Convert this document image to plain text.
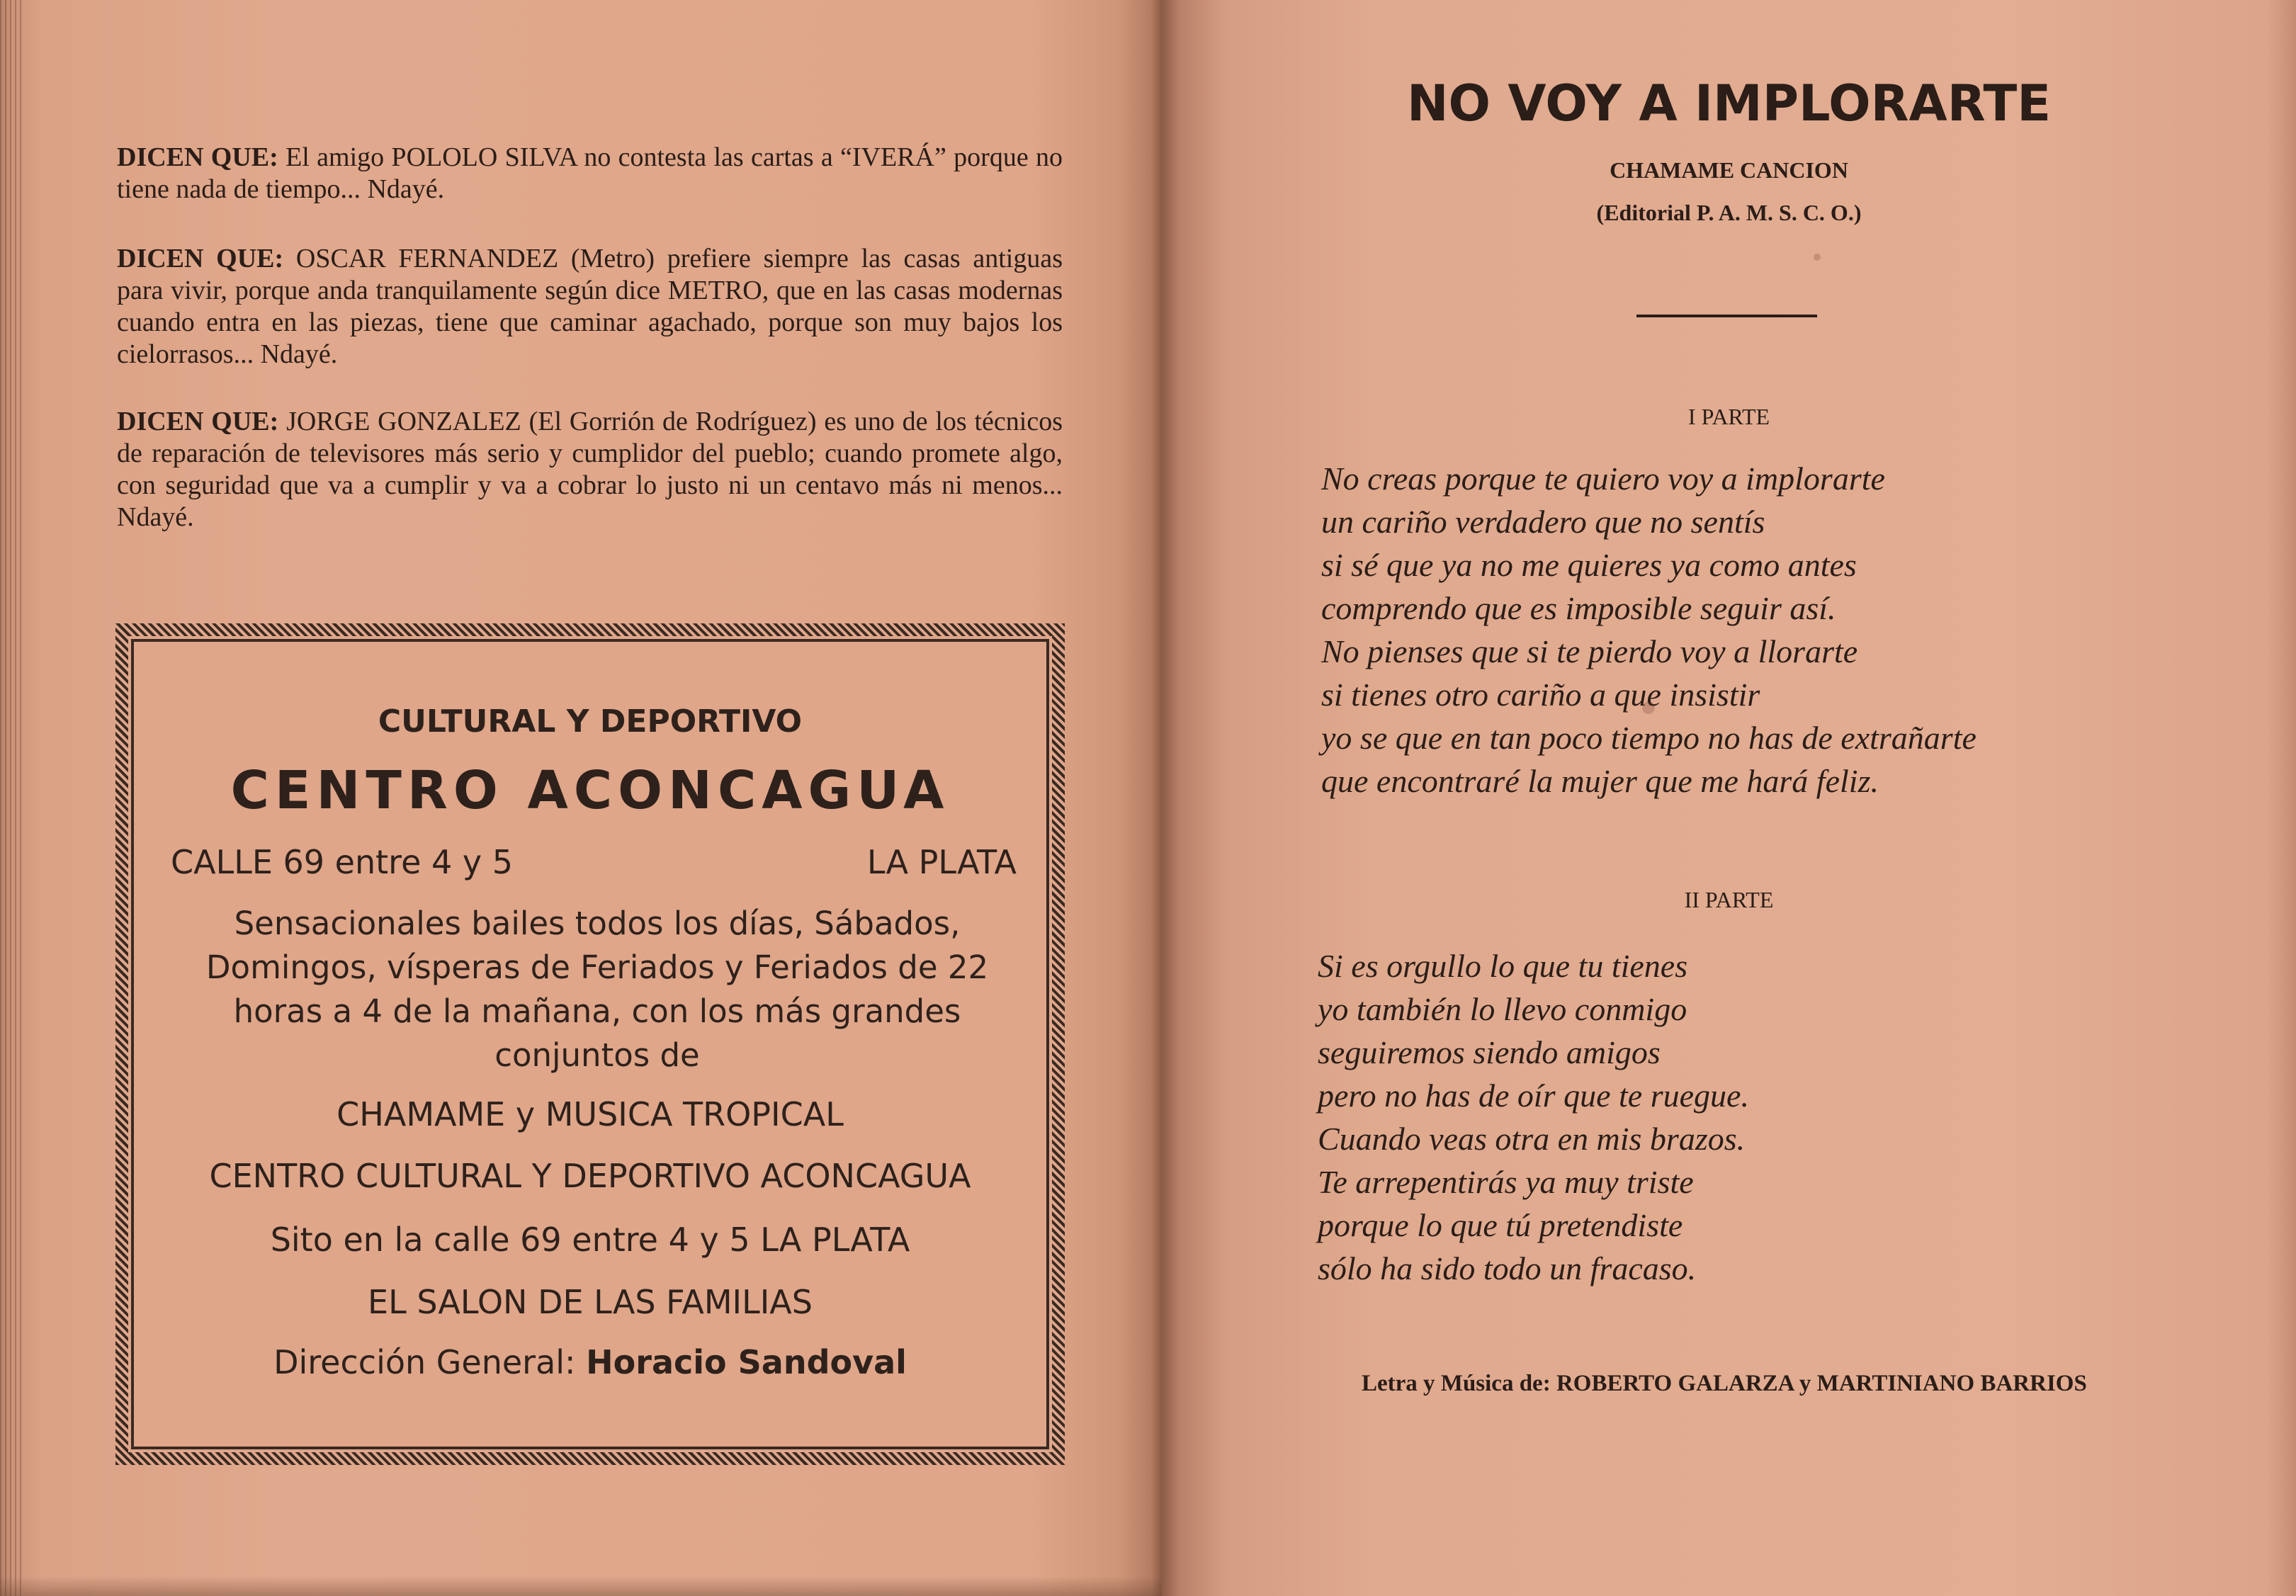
DICEN QUE: El amigo POLOLO SILVA no contesta las cartas a “IVERÁ” porque no tiene nada de tiempo... Ndayé.

DICEN QUE: OSCAR FERNANDEZ (Metro) prefiere siempre las casas antiguas para vivir, porque anda tranquilamente según dice METRO, que en las casas modernas cuando entra en las piezas, tiene que caminar agachado, porque son muy bajos los cielorrasos... Ndayé.

DICEN QUE: JORGE GONZALEZ (El Gorrión de Rodríguez) es uno de los técnicos de reparación de televisores más serio y cumplidor del pueblo; cuando promete algo, con seguridad que va a cumplir y va a cobrar lo justo ni un centavo más ni menos... Ndayé.

CULTURAL Y DEPORTIVO

CENTRO ACONCAGUA

CALLE 69 entre 4 y 5	LA PLATA

Sensacionales bailes todos los días, Sábados, Domingos, vísperas de Feriados y Feriados de 22 horas a 4 de la mañana, con los más grandes conjuntos de

CHAMAME y MUSICA TROPICAL

CENTRO CULTURAL Y DEPORTIVO ACONCAGUA

Sito en la calle 69 entre 4 y 5 LA PLATA

EL SALON DE LAS FAMILIAS

Dirección General: Horacio Sandoval

NO VOY A IMPLORARTE

CHAMAME CANCION

(Editorial P. A. M. S. C. O.)

I PARTE

No creas porque te quiero voy a implorarte
un cariño verdadero que no sentís
si sé que ya no me quieres ya como antes
comprendo que es imposible seguir así.
No pienses que si te pierdo voy a llorarte
si tienes otro cariño a que insistir
yo se que en tan poco tiempo no has de extrañarte
que encontraré la mujer que me hará feliz.

II PARTE

Si es orgullo lo que tu tienes
yo también lo llevo conmigo
seguiremos siendo amigos
pero no has de oír que te ruegue.
Cuando veas otra en mis brazos.
Te arrepentirás ya muy triste
porque lo que tú pretendiste
sólo ha sido todo un fracaso.

Letra y Música de: ROBERTO GALARZA y MARTINIANO BARRIOS
